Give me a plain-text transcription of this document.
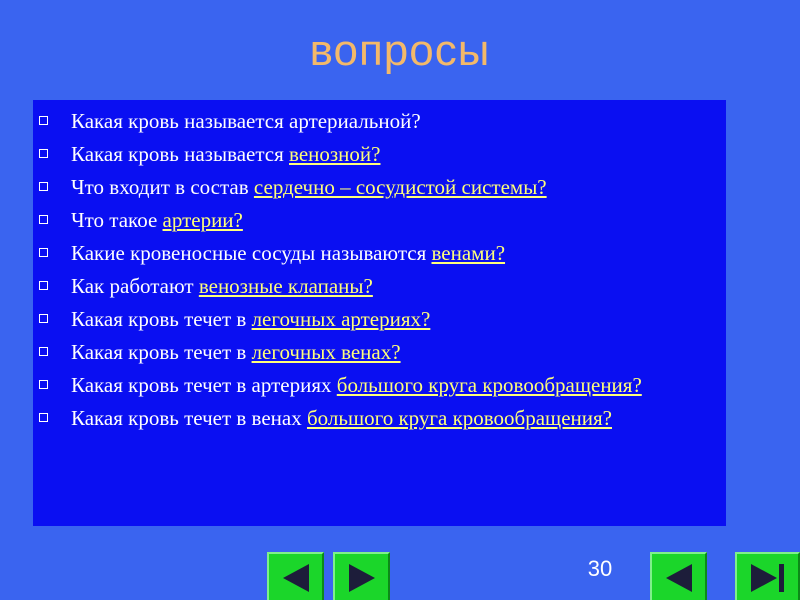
вопросы
Какая кровь называется артериальной?
Какая кровь называется венозной?
Что входит в состав сердечно – сосудистой системы?
Что такое артерии?
Какие кровеносные сосуды называются венами?
Как работают венозные клапаны?
Какая кровь течет в легочных артериях?
Какая кровь течет в легочных венах?
Какая кровь течет в артериях большого круга кровообращения?
Какая кровь течет в венах большого круга кровообращения?
30
